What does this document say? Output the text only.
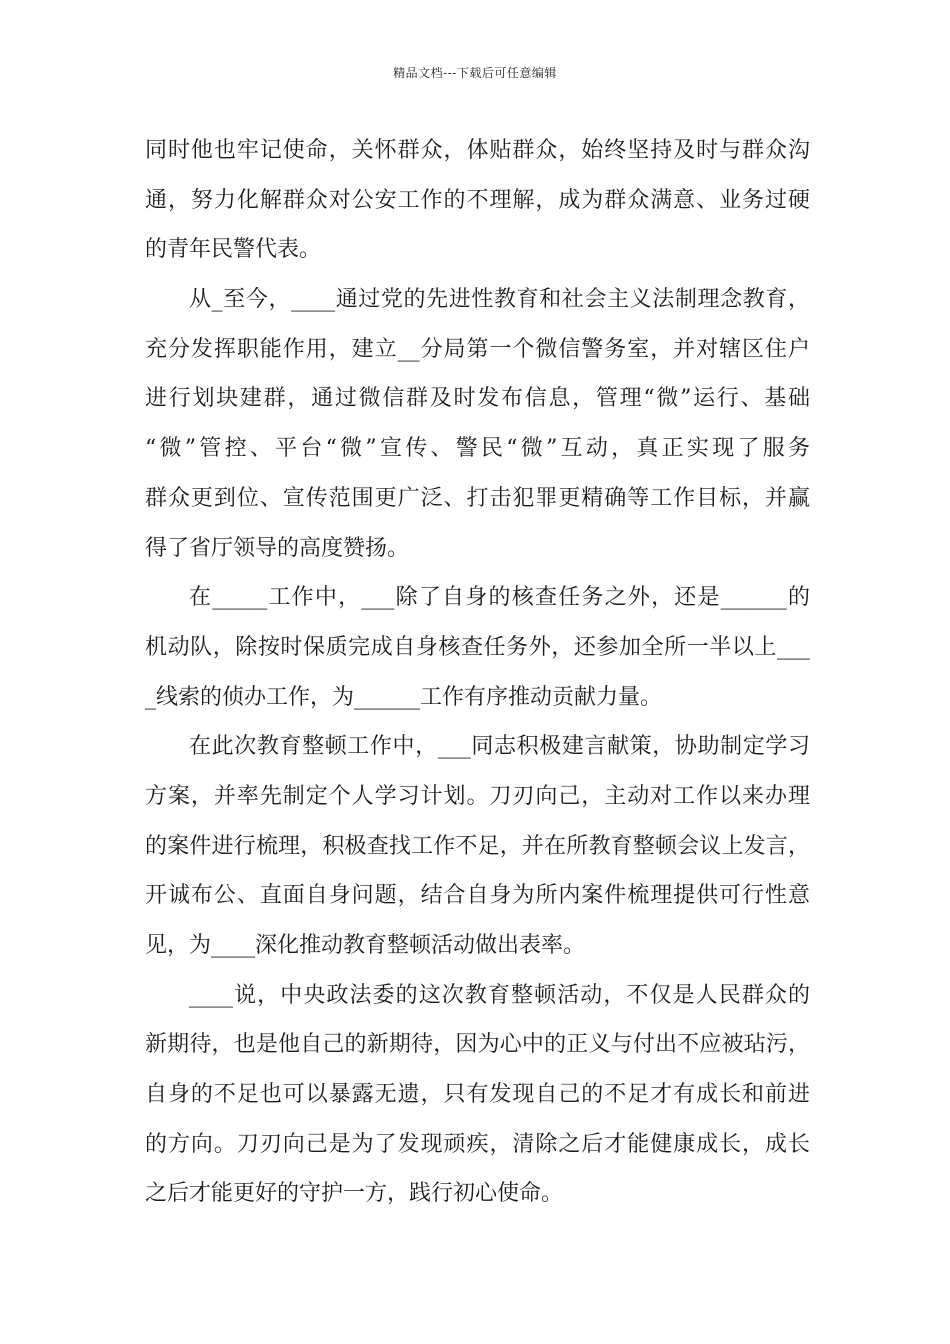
精品文档---下载后可任意编辑
同时他也牢记使命，关怀群众，体贴群众，始终坚持及时与群众沟
通，努力化解群众对公安工作的不理解，成为群众满意、业务过硬
的青年民警代表。
从_至今，____通过党的先进性教育和社会主义法制理念教育，
充分发挥职能作用，建立__分局第一个微信警务室，并对辖区住户
进行划块建群，通过微信群及时发布信息，管理“微”运行、基础
“微”管控、平台“微”宣传、警民“微”互动，真正实现了服务
群众更到位、宣传范围更广泛、打击犯罪更精确等工作目标，并赢
得了省厅领导的高度赞扬。
在_____工作中，___除了自身的核查任务之外，还是______的
机动队，除按时保质完成自身核查任务外，还参加全所一半以上___
_线索的侦办工作，为______工作有序推动贡献力量。
在此次教育整顿工作中，___同志积极建言献策，协助制定学习
方案，并率先制定个人学习计划。刀刃向己，主动对工作以来办理
的案件进行梳理，积极查找工作不足，并在所教育整顿会议上发言，
开诚布公、直面自身问题，结合自身为所内案件梳理提供可行性意
见，为____深化推动教育整顿活动做出表率。
____说，中央政法委的这次教育整顿活动，不仅是人民群众的
新期待，也是他自己的新期待，因为心中的正义与付出不应被玷污，
自身的不足也可以暴露无遗，只有发现自己的不足才有成长和前进
的方向。刀刃向己是为了发现顽疾，清除之后才能健康成长，成长
之后才能更好的守护一方，践行初心使命。
